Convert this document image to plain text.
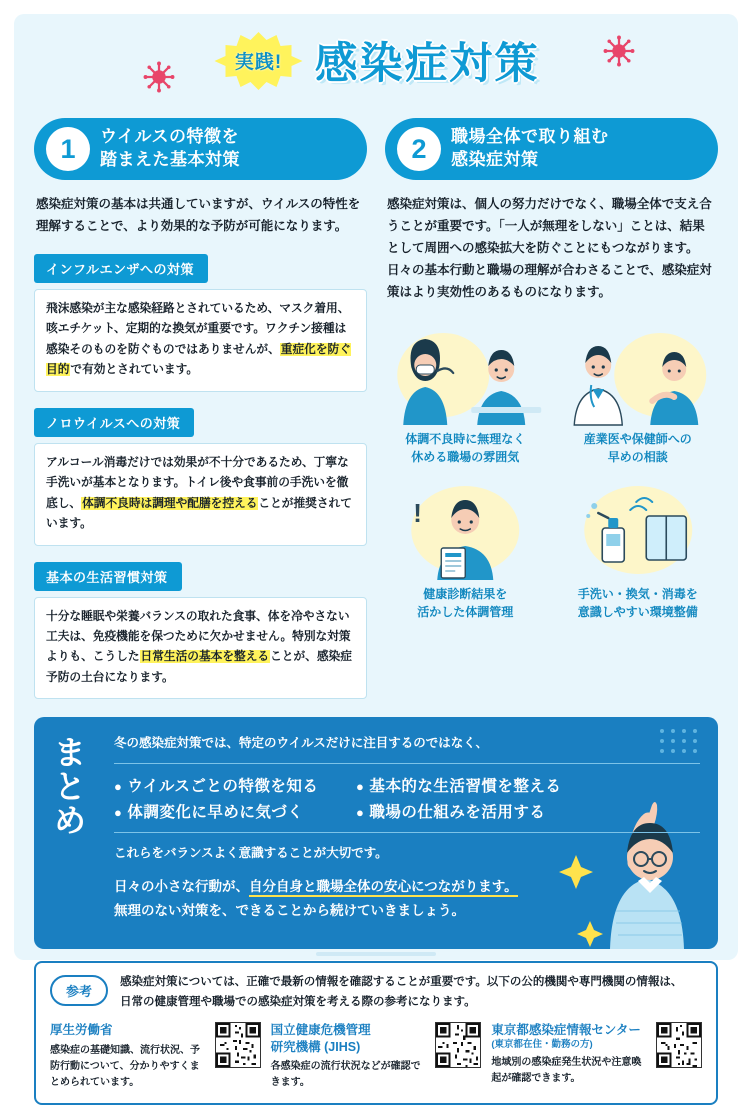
実践! 感染症対策
1	ウイルスの特徴を
踏まえた基本対策
感染症対策の基本は共通していますが、ウイルスの特性を理解することで、より効果的な予防が可能になります。
インフルエンザへの対策
飛沫感染が主な感染経路とされているため、マスク着用、咳エチケット、定期的な換気が重要です。ワクチン接種は感染そのものを防ぐものではありませんが、重症化を防ぐ目的で有効とされています。
ノロウイルスへの対策
アルコール消毒だけでは効果が不十分であるため、丁寧な手洗いが基本となります。トイレ後や食事前の手洗いを徹底し、体調不良時は調理や配膳を控えることが推奨されています。
基本の生活習慣対策
十分な睡眠や栄養バランスの取れた食事、体を冷やさない工夫は、免疫機能を保つために欠かせません。特別な対策よりも、こうした日常生活の基本を整えることが、感染症予防の土台になります。
2	職場全体で取り組む
感染症対策
感染症対策は、個人の努力だけでなく、職場全体で支え合うことが重要です。「一人が無理をしない」ことは、結果として周囲への感染拡大を防ぐことにもつながります。日々の基本行動と職場の理解が合わさることで、感染症対策はより実効性のあるものになります。
体調不良時に無理なく
休める職場の雰囲気
産業医や保健師への
早めの相談
!
健康診断結果を
活かした体調管理
手洗い・換気・消毒を
意識しやすい環境整備
まとめ 冬の感染症対策では、特定のウイルスだけに注目するのではなく、
● ウイルスごとの特徴を知る	● 基本的な生活習慣を整える
● 体調変化に早めに気づく	● 職場の仕組みを活用する
これらをバランスよく意識することが大切です。
日々の小さな行動が、自分自身と職場全体の安心につながります。
無理のない対策を、できることから続けていきましょう。
参考
感染症対策については、正確で最新の情報を確認することが重要です。以下の公的機関や専門機関の情報は、
日常の健康管理や職場での感染症対策を考える際の参考になります。
厚生労働省
感染症の基礎知識、流行状況、予防行動について、分かりやすくまとめられています。
国立健康危機管理
研究機構 (JIHS)
各感染症の流行状況などが確認できます。
東京都感染症情報センター
(東京都在住・勤務の方)
地域別の感染症発生状況や注意喚起が確認できます。
